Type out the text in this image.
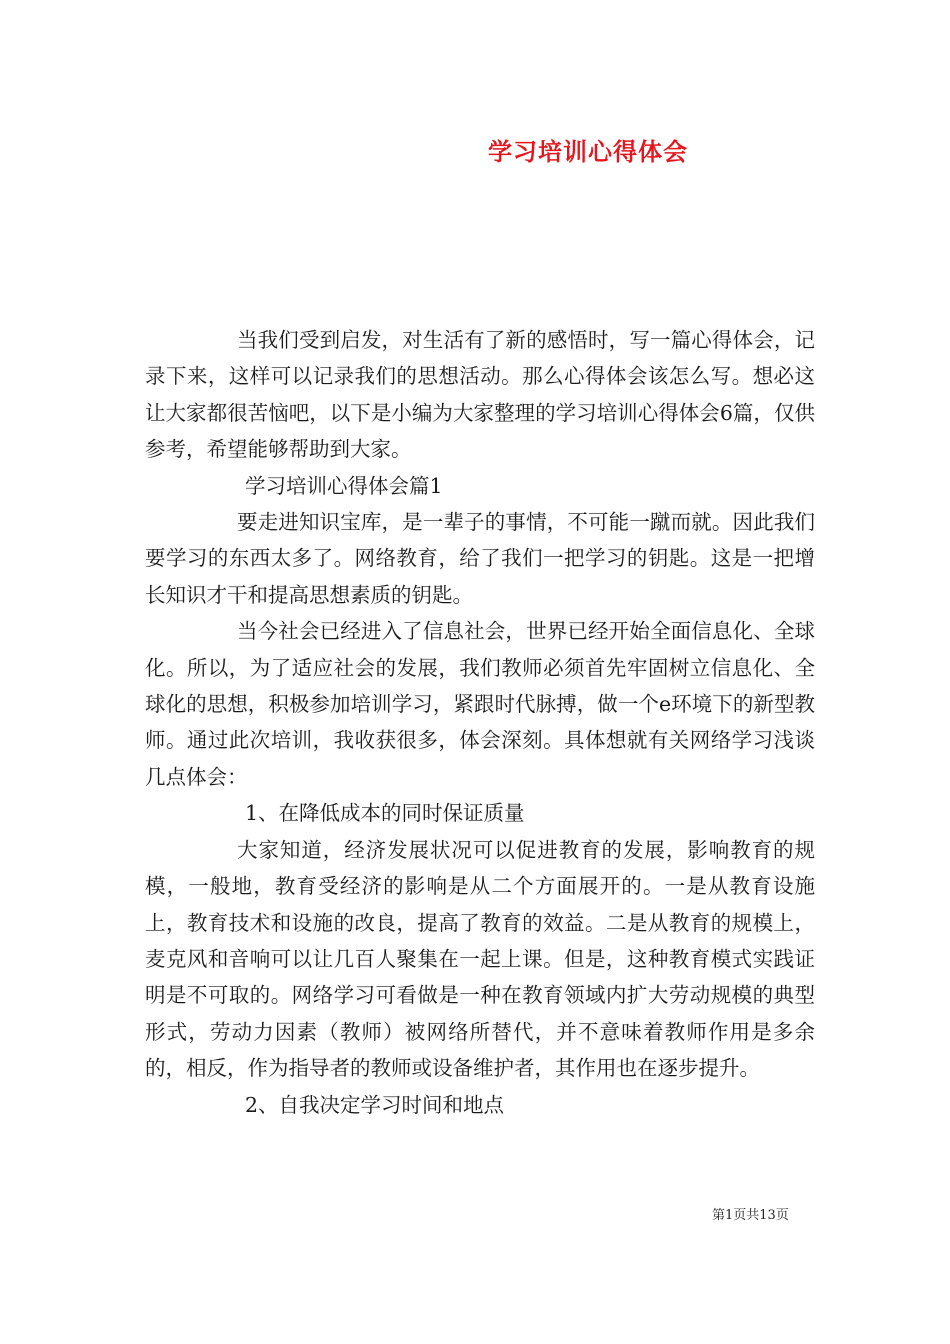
学习培训心得体会

当我们受到启发，对生活有了新的感悟时，写一篇心得体会，记录下来，这样可以记录我们的思想活动。那么心得体会该怎么写。想必这让大家都很苦恼吧，以下是小编为大家整理的学习培训心得体会6篇，仅供参考，希望能够帮助到大家。

学习培训心得体会篇1

要走进知识宝库，是一辈子的事情，不可能一蹴而就。因此我们要学习的东西太多了。网络教育，给了我们一把学习的钥匙。这是一把增长知识才干和提高思想素质的钥匙。

当今社会已经进入了信息社会，世界已经开始全面信息化、全球化。所以，为了适应社会的发展，我们教师必须首先牢固树立信息化、全球化的思想，积极参加培训学习，紧跟时代脉搏，做一个e环境下的新型教师。通过此次培训，我收获很多，体会深刻。具体想就有关网络学习浅谈几点体会：

1、在降低成本的同时保证质量

大家知道，经济发展状况可以促进教育的发展，影响教育的规模，一般地，教育受经济的影响是从二个方面展开的。一是从教育设施上，教育技术和设施的改良，提高了教育的效益。二是从教育的规模上，麦克风和音响可以让几百人聚集在一起上课。但是，这种教育模式实践证明是不可取的。网络学习可看做是一种在教育领域内扩大劳动规模的典型形式，劳动力因素（教师）被网络所替代，并不意味着教师作用是多余的，相反，作为指导者的教师或设备维护者，其作用也在逐步提升。

2、自我决定学习时间和地点

第1页共13页
